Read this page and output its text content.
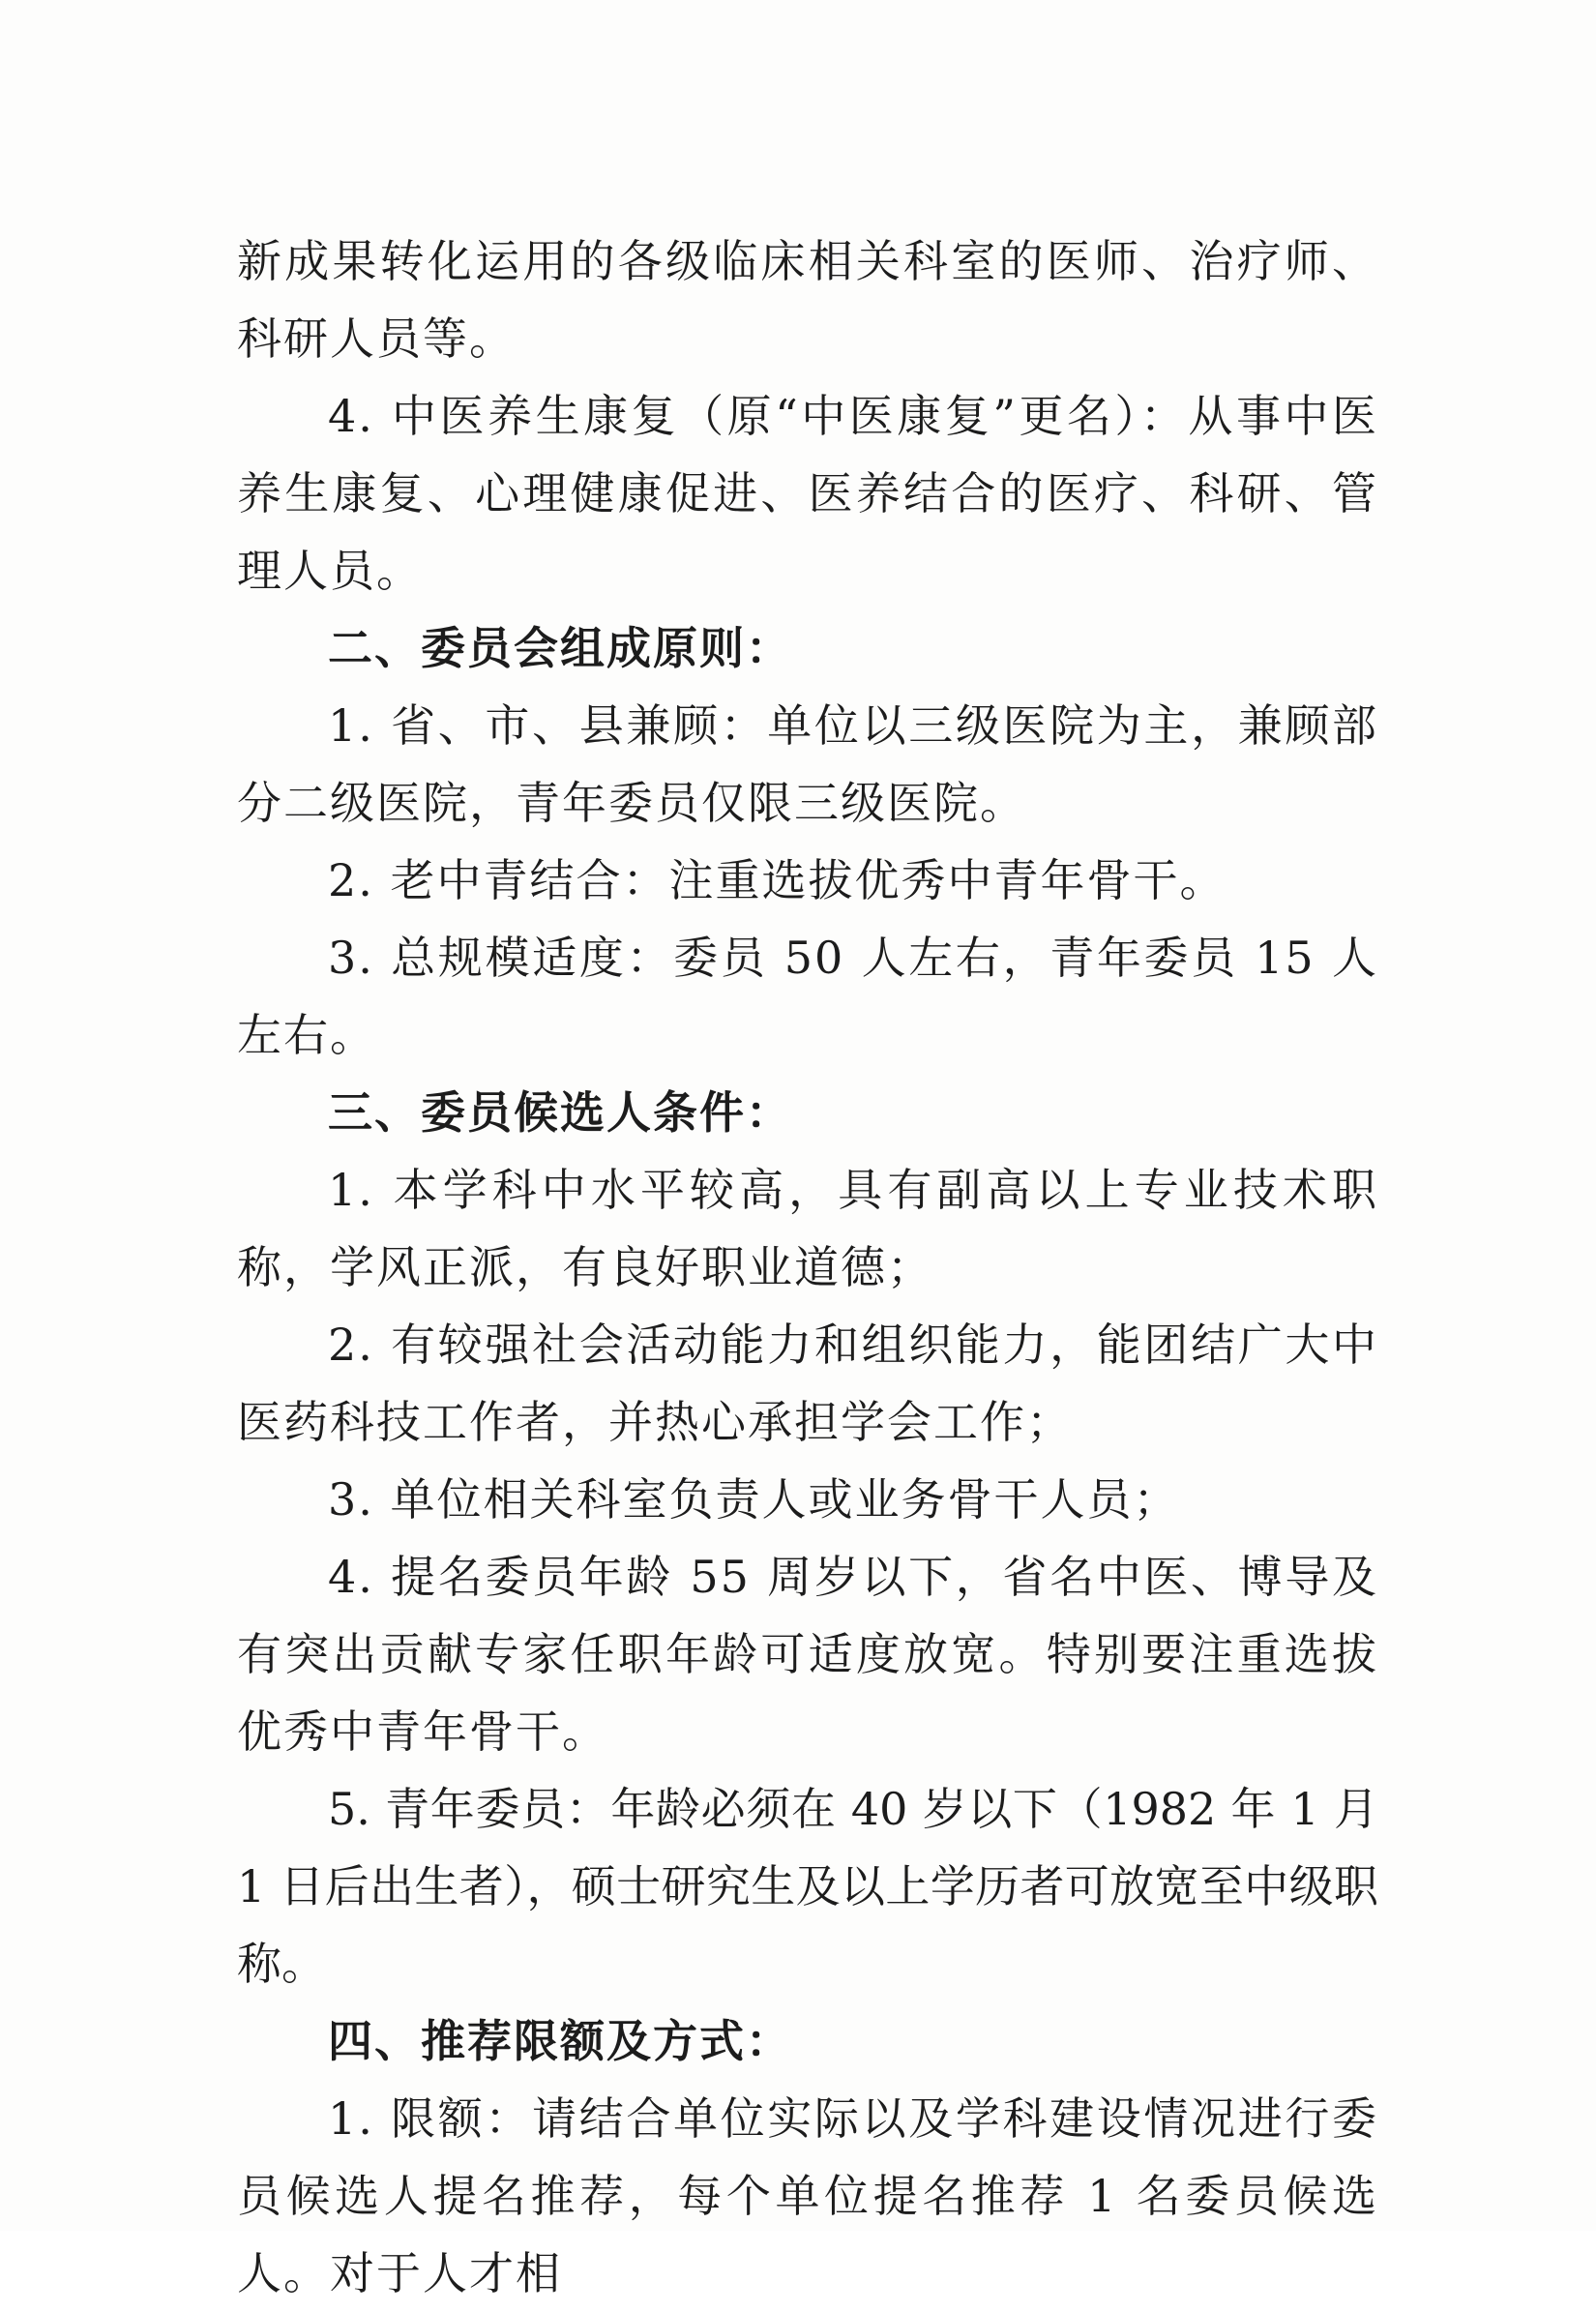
新成果转化运用的各级临床相关科室的医师、治疗师、科研人员等。

4. 中医养生康复（原“中医康复”更名）：从事中医养生康复、心理健康促进、医养结合的医疗、科研、管理人员。

二、委员会组成原则：

1. 省、市、县兼顾：单位以三级医院为主，兼顾部分二级医院，青年委员仅限三级医院。

2. 老中青结合：注重选拔优秀中青年骨干。

3. 总规模适度：委员 50 人左右，青年委员 15 人左右。

三、委员候选人条件：

1. 本学科中水平较高，具有副高以上专业技术职称，学风正派，有良好职业道德；

2. 有较强社会活动能力和组织能力，能团结广大中医药科技工作者，并热心承担学会工作；

3. 单位相关科室负责人或业务骨干人员；

4. 提名委员年龄 55 周岁以下，省名中医、博导及有突出贡献专家任职年龄可适度放宽。特别要注重选拔优秀中青年骨干。

5. 青年委员：年龄必须在 40 岁以下（1982 年 1 月 1 日后出生者），硕士研究生及以上学历者可放宽至中级职称。

四、推荐限额及方式：

1. 限额：请结合单位实际以及学科建设情况进行委员候选人提名推荐，每个单位提名推荐 1 名委员候选人。对于人才相
